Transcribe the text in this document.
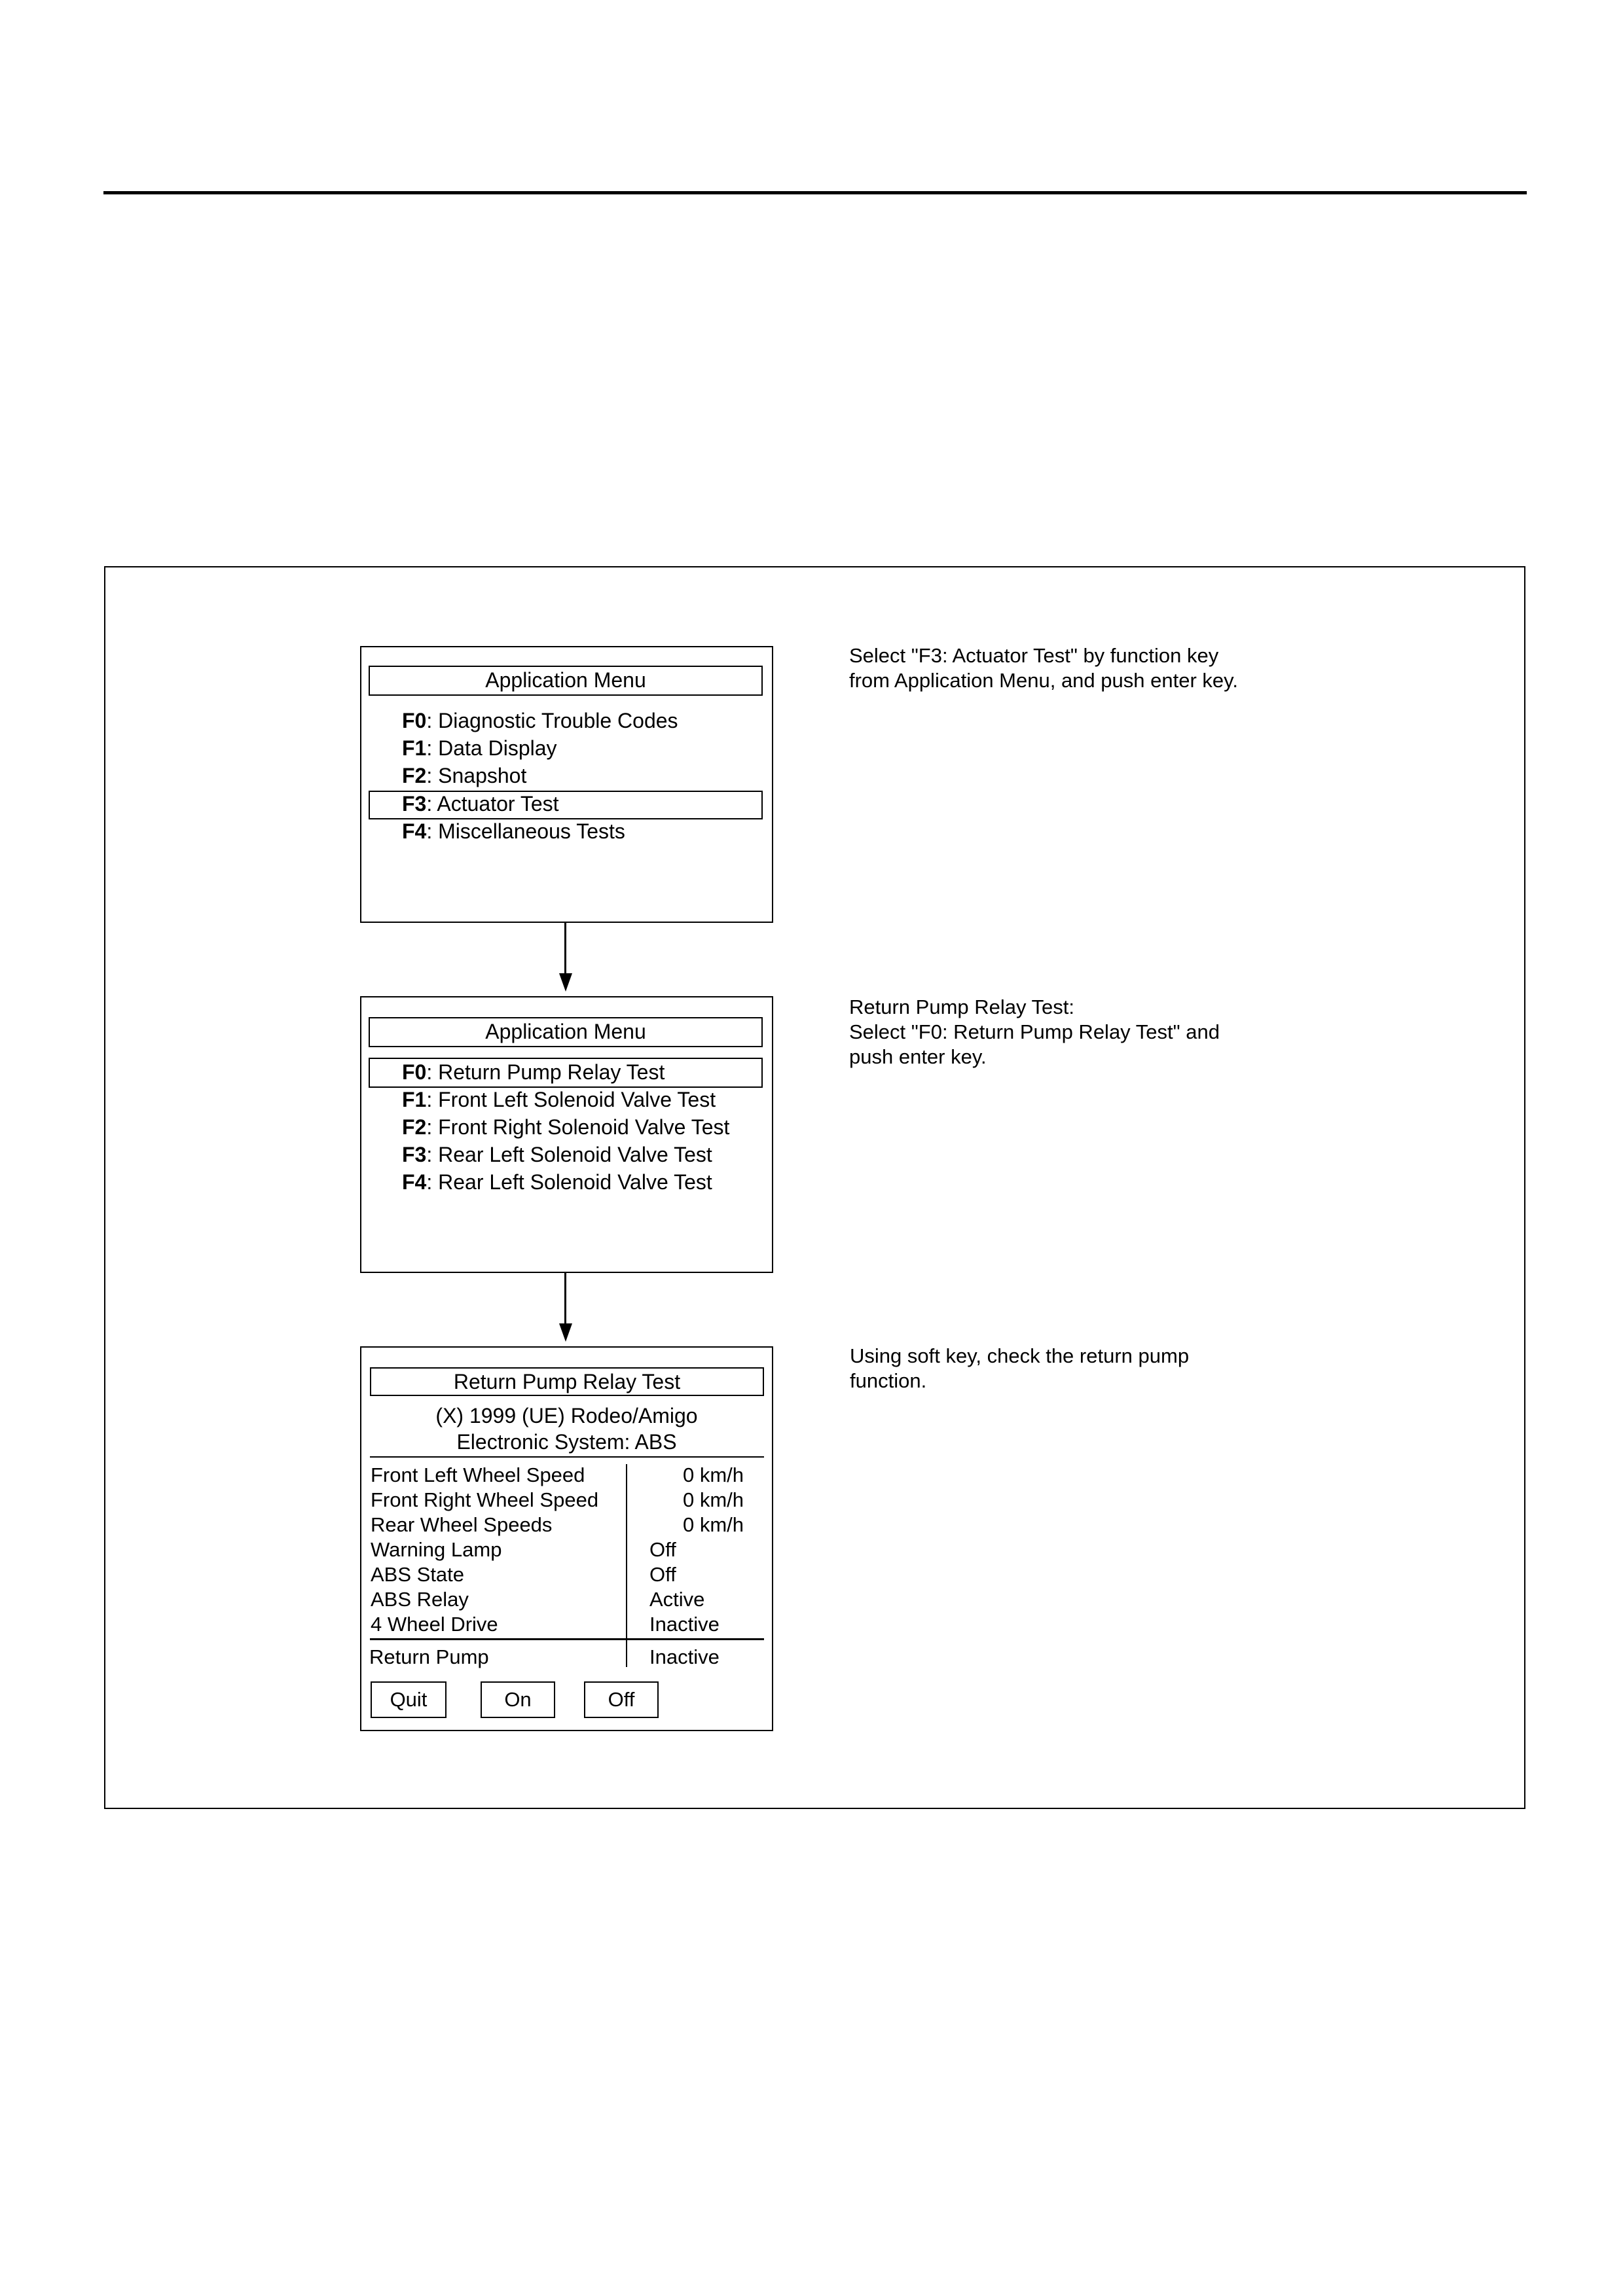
Application Menu
F0: Diagnostic Trouble Codes
F1: Data Display
F2: Snapshot
F3: Actuator Test
F4: Miscellaneous Tests
Select "F3: Actuator Test" by function key
from Application Menu, and push enter key.
Application Menu
F0: Return Pump Relay Test
F1: Front Left Solenoid Valve Test
F2: Front Right Solenoid Valve Test
F3: Rear Left Solenoid Valve Test
F4: Rear Left Solenoid Valve Test
Return Pump Relay Test:
Select "F0: Return Pump Relay Test" and
push enter key.
Return Pump Relay Test
(X) 1999 (UE) Rodeo/Amigo
Electronic System: ABS
Front Left Wheel Speed	0 km/h
Front Right Wheel Speed	0 km/h
Rear Wheel Speeds	0 km/h
Warning Lamp	Off
ABS State	Off
ABS Relay	Active
4 Wheel Drive	Inactive
Return Pump	Inactive
Quit	On	Off
Using soft key, check the return pump
function.
